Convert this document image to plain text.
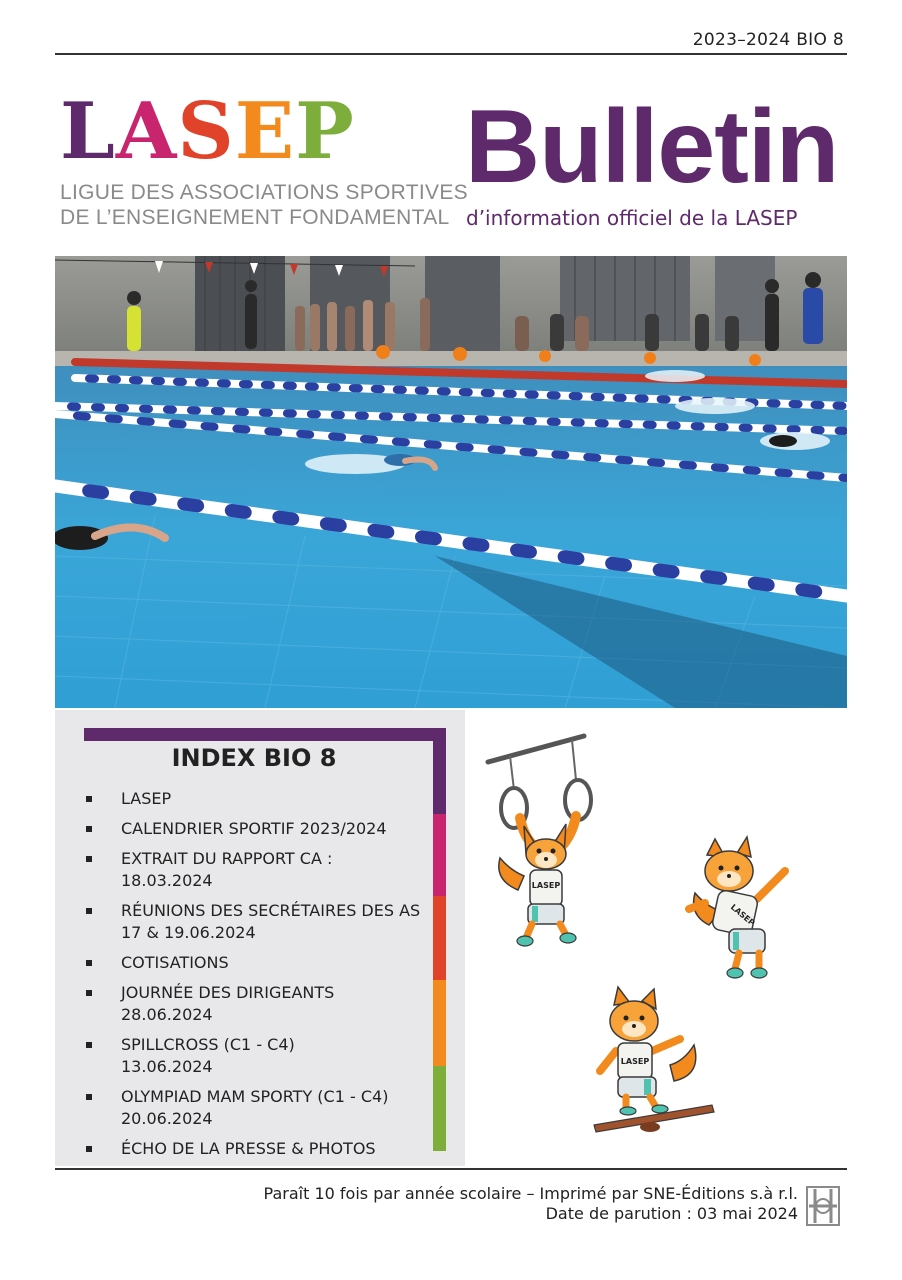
2023–2024 BIO 8
LASEP
LIGUE DES ASSOCIATIONS SPORTIVES
DE L’ENSEIGNEMENT FONDAMENTAL
Bulletin
d’information officiel de la LASEP
INDEX BIO 8
LASEP
CALENDRIER SPORTIF 2023/2024
EXTRAIT DU RAPPORT CA :
18.03.2024
RÉUNIONS DES SECRÉTAIRES DES AS
17 & 19.06.2024
COTISATIONS
JOURNÉE DES DIRIGEANTS
28.06.2024
SPILLCROSS (C1 - C4)
13.06.2024
OLYMPIAD MAM SPORTY (C1 - C4)
20.06.2024
ÉCHO DE LA PRESSE & PHOTOS
LASEP
LASEP
LASEP
Paraît 10 fois par année scolaire – Imprimé par SNE-Éditions s.à r.l.
Date de parution : 03 mai 2024
